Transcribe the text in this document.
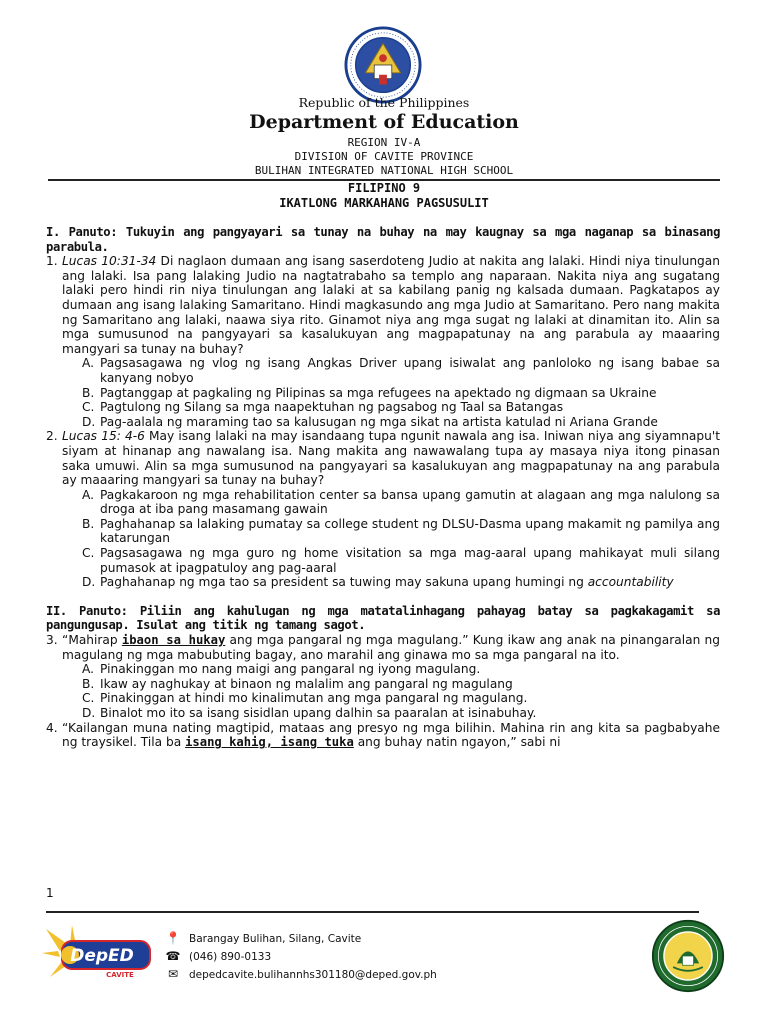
Republic of the Philippines
Department of Education
REGION IV-A
DIVISION OF CAVITE PROVINCE
BULIHAN INTEGRATED NATIONAL HIGH SCHOOL
FILIPINO 9
IKATLONG MARKAHANG PAGSUSULIT
I. Panuto: Tukuyin ang pangyayari sa tunay na buhay na may kaugnay sa mga naganap sa binasang parabula.
1. Lucas 10:31-34 Di naglaon dumaan ang isang saserdoteng Judio at nakita ang lalaki. Hindi niya tinulungan ang lalaki. Isa pang lalaking Judio na nagtatrabaho sa templo ang naparaan. Nakita niya ang sugatang lalaki pero hindi rin niya tinulungan ang lalaki at sa kabilang panig ng kalsada dumaan. Pagkatapos ay dumaan ang isang lalaking Samaritano. Hindi magkasundo ang mga Judio at Samaritano. Pero nang makita ng Samaritano ang lalaki, naawa siya rito. Ginamot niya ang mga sugat ng lalaki at dinamitan ito. Alin sa mga sumusunod na pangyayari sa kasalukuyan ang magpapatunay na ang parabula ay maaaring mangyari sa tunay na buhay?
A. Pagsasagawa ng vlog ng isang Angkas Driver upang isiwalat ang panloloko ng isang babae sa kanyang nobyo
B. Pagtanggap at pagkaling ng Pilipinas sa mga refugees na apektado ng digmaan sa Ukraine
C. Pagtulong ng Silang sa mga naapektuhan ng pagsabog ng Taal sa Batangas
D. Pag-aalala ng maraming tao sa kalusugan ng mga sikat na artista katulad ni Ariana Grande
2. Lucas 15: 4-6 May isang lalaki na may isandaang tupa ngunit nawala ang isa. Iniwan niya ang siyamnapu't siyam at hinanap ang nawalang isa. Nang makita ang nawawalang tupa ay masaya niya itong pinasan saka umuwi. Alin sa mga sumusunod na pangyayari sa kasalukuyan ang magpapatunay na ang parabula ay maaaring mangyari sa tunay na buhay?
A. Pagkakaroon ng mga rehabilitation center sa bansa upang gamutin at alagaan ang mga nalulong sa droga at iba pang masamang gawain
B. Paghahanap sa lalaking pumatay sa college student ng DLSU-Dasma upang makamit ng pamilya ang katarungan
C. Pagsasagawa ng mga guro ng home visitation sa mga mag-aaral upang mahikayat muli silang pumasok at ipagpatuloy ang pag-aaral
D. Paghahanap ng mga tao sa president sa tuwing may sakuna upang humingi ng accountability
II. Panuto: Piliin ang kahulugan ng mga matatalinhagang pahayag batay sa pagkakagamit sa pangungusap. Isulat ang titik ng tamang sagot.
3. “Mahirap ibaon sa hukay ang mga pangaral ng mga magulang.” Kung ikaw ang anak na pinangaralan ng magulang ng mga mabubuting bagay, ano marahil ang ginawa mo sa mga pangaral na ito.
A. Pinakinggan mo nang maigi ang pangaral ng iyong magulang.
B. Ikaw ay naghukay at binaon ng malalim ang pangaral ng magulang
C. Pinakinggan at hindi mo kinalimutan ang mga pangaral ng magulang.
D. Binalot mo ito sa isang sisidlan upang dalhin sa paaralan at isinabuhay.
4. “Kailangan muna nating magtipid, mataas ang presyo ng mga bilihin. Mahina rin ang kita sa pagbabyahe ng traysikel. Tila ba isang kahig, isang tuka ang buhay natin ngayon,” sabi ni
1
DepED
CAVITE
📍 Barangay Bulihan, Silang, Cavite
☎ (046) 890-0133
✉ depedcavite.bulihannhs301180@deped.gov.ph
